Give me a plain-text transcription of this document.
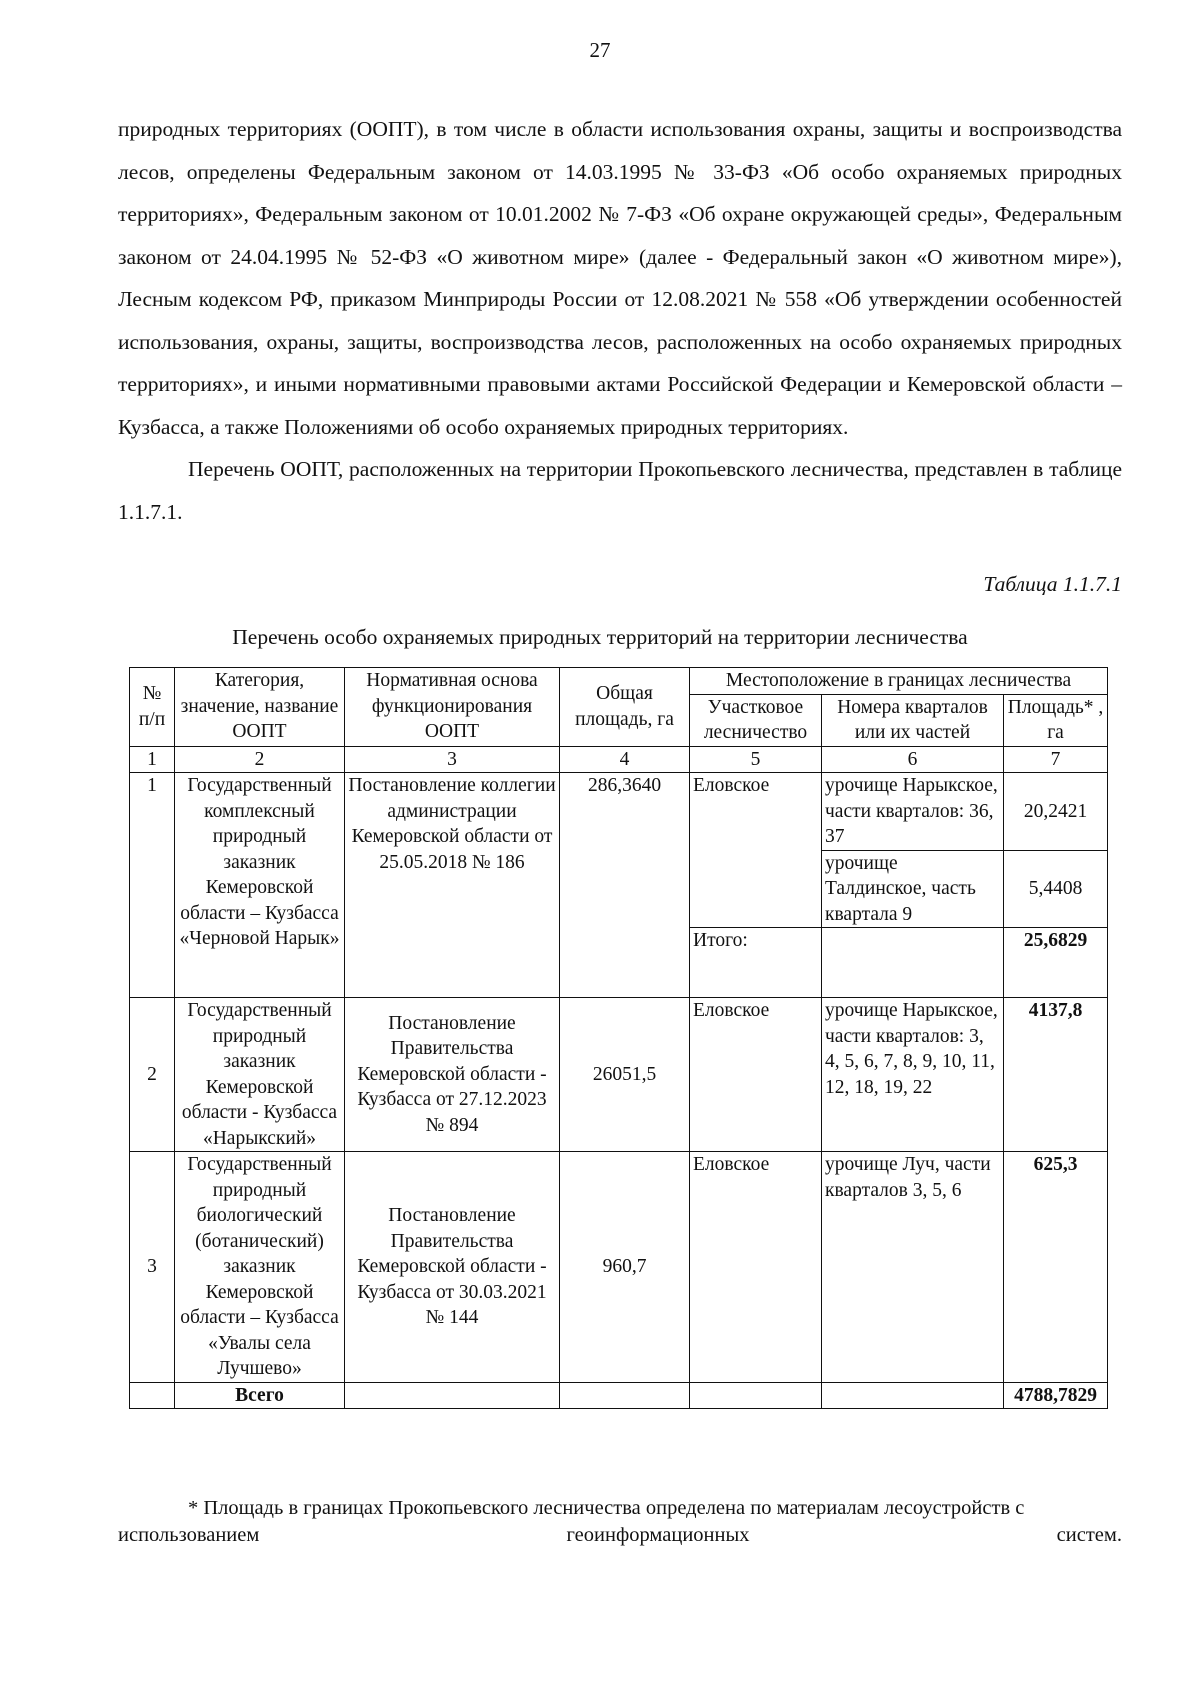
27

природных территориях (ООПТ), в том числе в области использования охраны, защиты и воспроизводства лесов, определены Федеральным законом от 14.03.1995 № 33-ФЗ «Об особо охраняемых природных территориях», Федеральным законом от 10.01.2002 № 7-ФЗ «Об охране окружающей среды», Федеральным законом от 24.04.1995 № 52-ФЗ «О животном мире» (далее - Федеральный закон «О животном мире»), Лесным кодексом РФ, приказом Минприроды России от 12.08.2021 № 558 «Об утверждении особенностей использования, охраны, защиты, воспроизводства лесов, расположенных на особо охраняемых природных территориях», и иными нормативными правовыми актами Российской Федерации и Кемеровской области – Кузбасса, а также Положениями об особо охраняемых природных территориях.

Перечень ООПТ, расположенных на территории Прокопьевского лесничества, представлен в таблице 1.1.7.1.

Таблица 1.1.7.1
Перечень особо охраняемых природных территорий на территории лесничества
№ п/п	Категория, значение, название ООПТ	Нормативная основа функционирования ООПТ	Общая площадь, га	Местоположение в границах лесничества		
				Участковое лесничество	Номера кварталов или их частей	Площадь* , га
1	2	3	4	5	6	7
1	Государственный комплексный природный заказник Кемеровской области – Кузбасса «Черновой Нарык»	Постановление коллегии администрации Кемеровской области от 25.05.2018 № 186	286,3640	Еловское	урочище Нарыкское, части кварталов: 36, 37	20,2421
					урочище Талдинское, часть квартала 9	5,4408
				Итого:		25,6829
2	Государственный природный заказник Кемеровской области - Кузбасса «Нарыкский»	Постановление Правительства Кемеровской области - Кузбасса от 27.12.2023 № 894	26051,5	Еловское	урочище Нарыкское, части кварталов: 3, 4, 5, 6, 7, 8, 9, 10, 11, 12, 18, 19, 22	4137,8
3	Государственный природный биологический (ботанический) заказник Кемеровской области – Кузбасса «Увалы села Лучшево»	Постановление Правительства Кемеровской области - Кузбасса от 30.03.2021 № 144	960,7	Еловское	урочище Луч, части кварталов 3, 5, 6	625,3
	Всего					4788,7829

* Площадь в границах Прокопьевского лесничества определена по материалам лесоустройств с

использованием	геоинформационных	систем.
